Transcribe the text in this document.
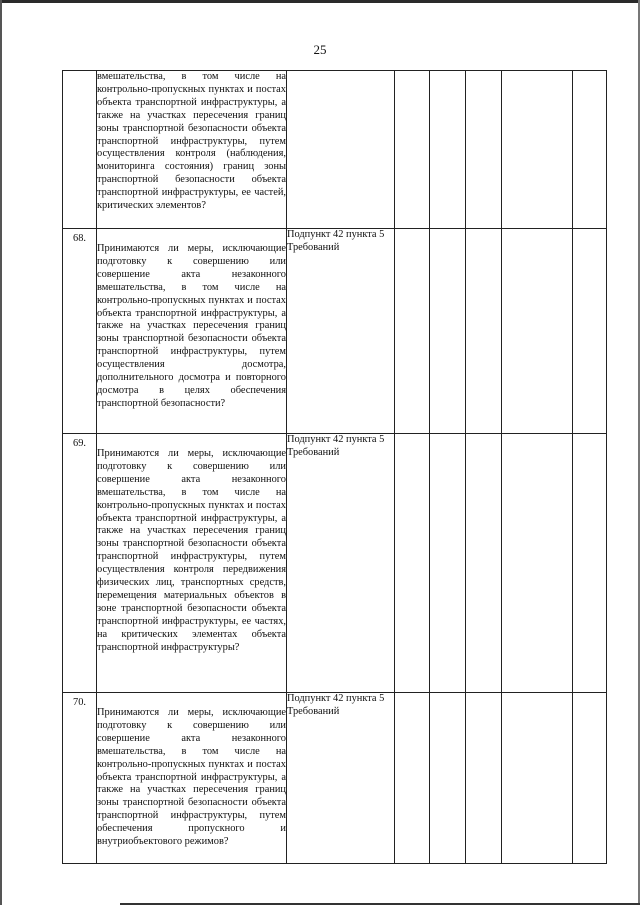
25

	вмешательства, в том числе на контрольно-пропускных пунктах и постах объекта транспортной инфраструктуры, а также на участках пересечения границ зоны транспортной безопасности объекта транспортной инфраструктуры, путем осуществления контроля (наблюдения, мониторинга состояния) границ зоны транспортной безопасности объекта транспортной инфраструктуры, ее частей, критических элементов?						

68.	Принимаются ли меры, исключающие подготовку к совершению или совершение акта незаконного вмешательства, в том числе на контрольно-пропускных пунктах и постах объекта транспортной инфраструктуры, а также на участках пересечения границ зоны транспортной безопасности объекта транспортной инфраструктуры, путем осуществления досмотра, дополнительного досмотра и повторного досмотра в целях обеспечения транспортной безопасности?	Подпункт 42 пункта 5 Требований					
69.	Принимаются ли меры, исключающие подготовку к совершению или совершение акта незаконного вмешательства, в том числе на контрольно-пропускных пунктах и постах объекта транспортной инфраструктуры, а также на участках пересечения границ зоны транспортной безопасности объекта транспортной инфраструктуры, путем осуществления контроля передвижения физических лиц, транспортных средств, перемещения материальных объектов в зоне транспортной безопасности объекта транспортной инфраструктуры, ее частях, на критических элементах объекта транспортной инфраструктуры?	Подпункт 42 пункта 5 Требований					
70.	Принимаются ли меры, исключающие подготовку к совершению или совершение акта незаконного вмешательства, в том числе на контрольно-пропускных пунктах и постах объекта транспортной инфраструктуры, а также на участках пересечения границ зоны транспортной безопасности объекта транспортной инфраструктуры, путем обеспечения пропускного и внутриобъектового режимов?	Подпункт 42 пункта 5 Требований					
